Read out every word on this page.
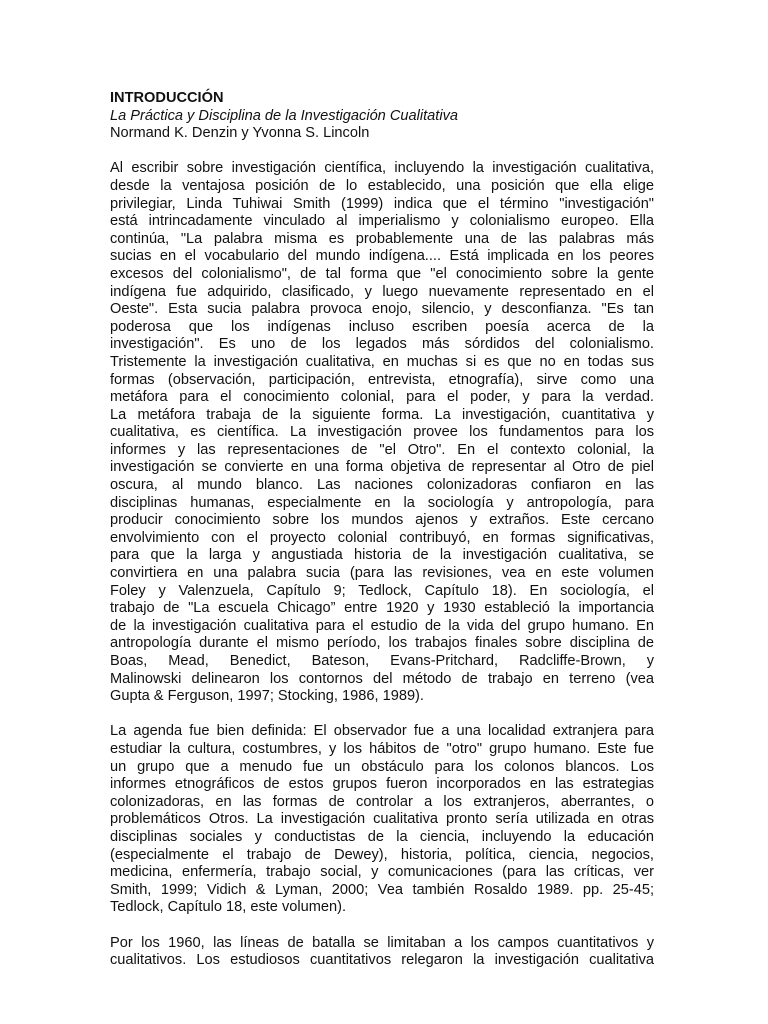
INTRODUCCIÓN

La Práctica y Disciplina de la Investigación Cualitativa

Normand K. Denzin y Yvonna S. Lincoln

Al escribir sobre investigación científica, incluyendo la investigación cualitativa,
desde la ventajosa posición de lo establecido, una posición que ella elige
privilegiar, Linda Tuhiwai Smith (1999) indica que el término "investigación"
está intrincadamente vinculado al imperialismo y colonialismo europeo. Ella
continúa, "La palabra misma es probablemente una de las palabras más
sucias en el vocabulario del mundo indígena.... Está implicada en los peores
excesos del colonialismo", de tal forma que "el conocimiento sobre la gente
indígena fue adquirido, clasificado, y luego nuevamente representado en el
Oeste". Esta sucia palabra provoca enojo, silencio, y desconfianza. "Es tan
poderosa que los indígenas incluso escriben poesía acerca de la
investigación". Es uno de los legados más sórdidos del colonialismo.
Tristemente la investigación cualitativa, en muchas si es que no en todas sus
formas (observación, participación, entrevista, etnografía), sirve como una
metáfora para el conocimiento colonial, para el poder, y para la verdad.
La metáfora trabaja de la siguiente forma. La investigación, cuantitativa y
cualitativa, es científica. La investigación provee los fundamentos para los
informes y las representaciones de "el Otro". En el contexto colonial, la
investigación se convierte en una forma objetiva de representar al Otro de piel
oscura, al mundo blanco. Las naciones colonizadoras confiaron en las
disciplinas humanas, especialmente en la sociología y antropología, para
producir conocimiento sobre los mundos ajenos y extraños. Este cercano
envolvimiento con el proyecto colonial contribuyó, en formas significativas,
para que la larga y angustiada historia de la investigación cualitativa, se
convirtiera en una palabra sucia (para las revisiones, vea en este volumen
Foley y Valenzuela, Capítulo 9; Tedlock, Capítulo 18). En sociología, el
trabajo de "La escuela Chicago” entre 1920 y 1930 estableció la importancia
de la investigación cualitativa para el estudio de la vida del grupo humano. En
antropología durante el mismo período, los trabajos finales sobre disciplina de
Boas, Mead, Benedict, Bateson, Evans-Pritchard, Radcliffe-Brown, y
Malinowski delinearon los contornos del método de trabajo en terreno (vea
Gupta & Ferguson, 1997; Stocking, 1986, 1989).
La agenda fue bien definida: El observador fue a una localidad extranjera para
estudiar la cultura, costumbres, y los hábitos de "otro" grupo humano. Este fue
un grupo que a menudo fue un obstáculo para los colonos blancos. Los
informes etnográficos de estos grupos fueron incorporados en las estrategias
colonizadoras, en las formas de controlar a los extranjeros, aberrantes, o
problemáticos Otros. La investigación cualitativa pronto sería utilizada en otras
disciplinas sociales y conductistas de la ciencia, incluyendo la educación
(especialmente el trabajo de Dewey), historia, política, ciencia, negocios,
medicina, enfermería, trabajo social, y comunicaciones (para las críticas, ver
Smith, 1999; Vidich & Lyman, 2000; Vea también Rosaldo 1989. pp. 25-45;
Tedlock, Capítulo 18, este volumen).
Por los 1960, las líneas de batalla se limitaban a los campos cuantitativos y
cualitativos. Los estudiosos cuantitativos relegaron la investigación cualitativa
